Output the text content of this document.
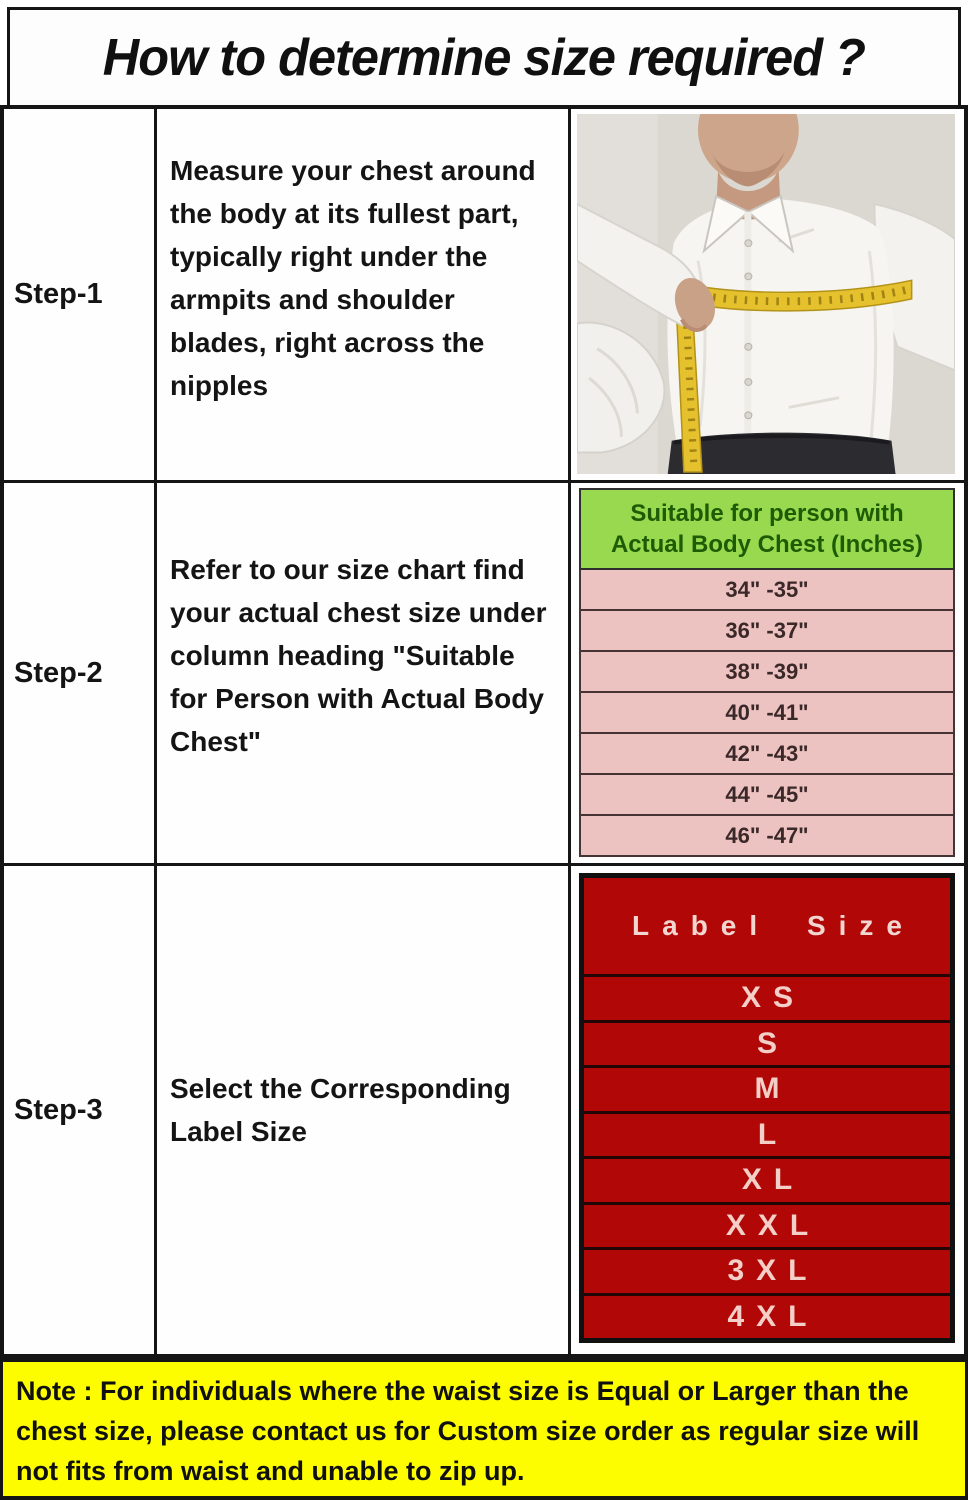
How to determine size required ?
Step-1
Measure your chest around
the body at its fullest part,
typically right under the
armpits and shoulder
blades, right across the
nipples
Step-2
Refer to our size chart find
your actual chest size under
column heading "Suitable
for Person with Actual Body
Chest"
Suitable for person with
Actual Body Chest (Inches)
34" -35"
36" -37"
38" -39"
40" -41"
42" -43"
44" -45"
46" -47"
Step-3
Select the Corresponding
Label Size
Label Size
XS
S
M
L
XL
XXL
3XL
4XL
Note : For individuals where the waist size is Equal or Larger than the chest size, please contact us for Custom size order as regular size will not fits from waist and unable to zip up.
